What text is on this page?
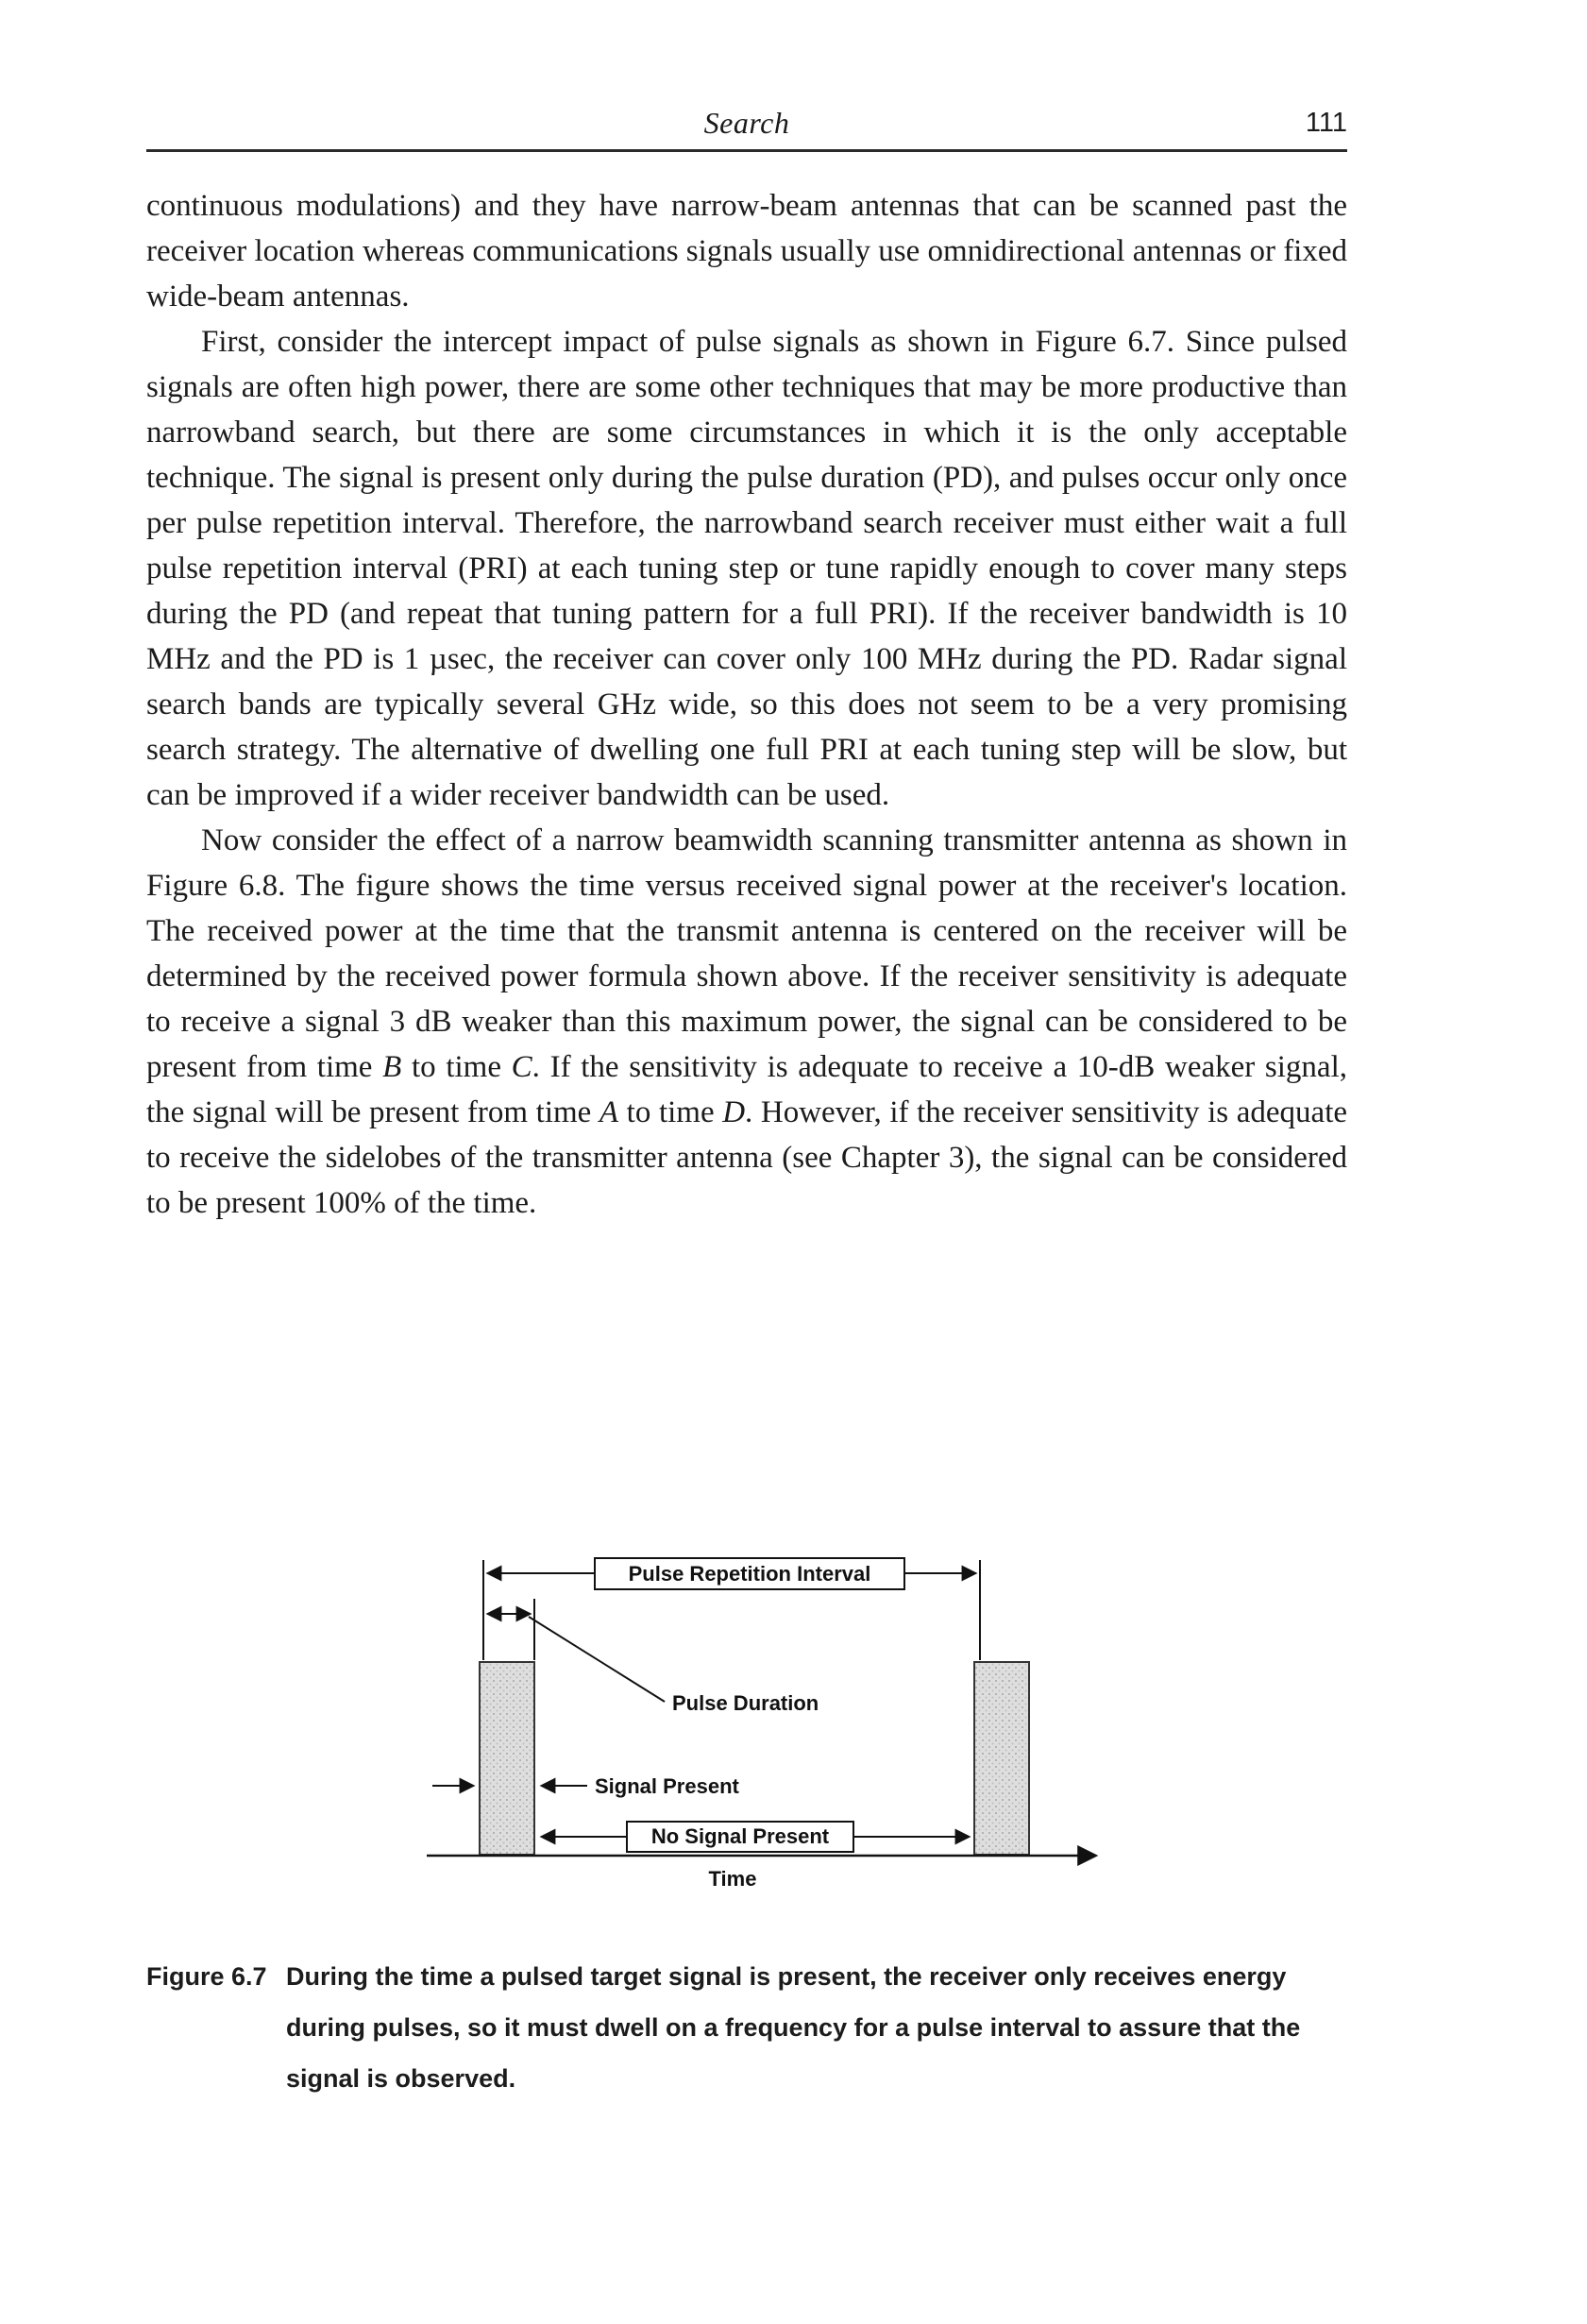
Search	111

continuous modulations) and they have narrow-beam antennas that can be scanned past the receiver location whereas communications signals usually use omnidirectional antennas or fixed wide-beam antennas.

First, consider the intercept impact of pulse signals as shown in Figure 6.7. Since pulsed signals are often high power, there are some other techniques that may be more productive than narrowband search, but there are some circumstances in which it is the only acceptable technique. The signal is present only during the pulse duration (PD), and pulses occur only once per pulse repetition interval. Therefore, the narrowband search receiver must either wait a full pulse repetition interval (PRI) at each tuning step or tune rapidly enough to cover many steps during the PD (and repeat that tuning pattern for a full PRI). If the receiver bandwidth is 10 MHz and the PD is 1 µsec, the receiver can cover only 100 MHz during the PD. Radar signal search bands are typically several GHz wide, so this does not seem to be a very promising search strategy. The alternative of dwelling one full PRI at each tuning step will be slow, but can be improved if a wider receiver bandwidth can be used.

Now consider the effect of a narrow beamwidth scanning transmitter antenna as shown in Figure 6.8. The figure shows the time versus received signal power at the receiver's location. The received power at the time that the transmit antenna is centered on the receiver will be determined by the received power formula shown above. If the receiver sensitivity is adequate to receive a signal 3 dB weaker than this maximum power, the signal can be considered to be present from time B to time C. If the sensitivity is adequate to receive a 10-dB weaker signal, the signal will be present from time A to time D. However, if the receiver sensitivity is adequate to receive the sidelobes of the transmitter antenna (see Chapter 3), the signal can be considered to be present 100% of the time.

Pulse Repetition Interval
Pulse Duration
Signal Present
No Signal Present
Time
Figure 6.7 During the time a pulsed target signal is present, the receiver only receives energy during pulses, so it must dwell on a frequency for a pulse interval to assure that the signal is observed.
